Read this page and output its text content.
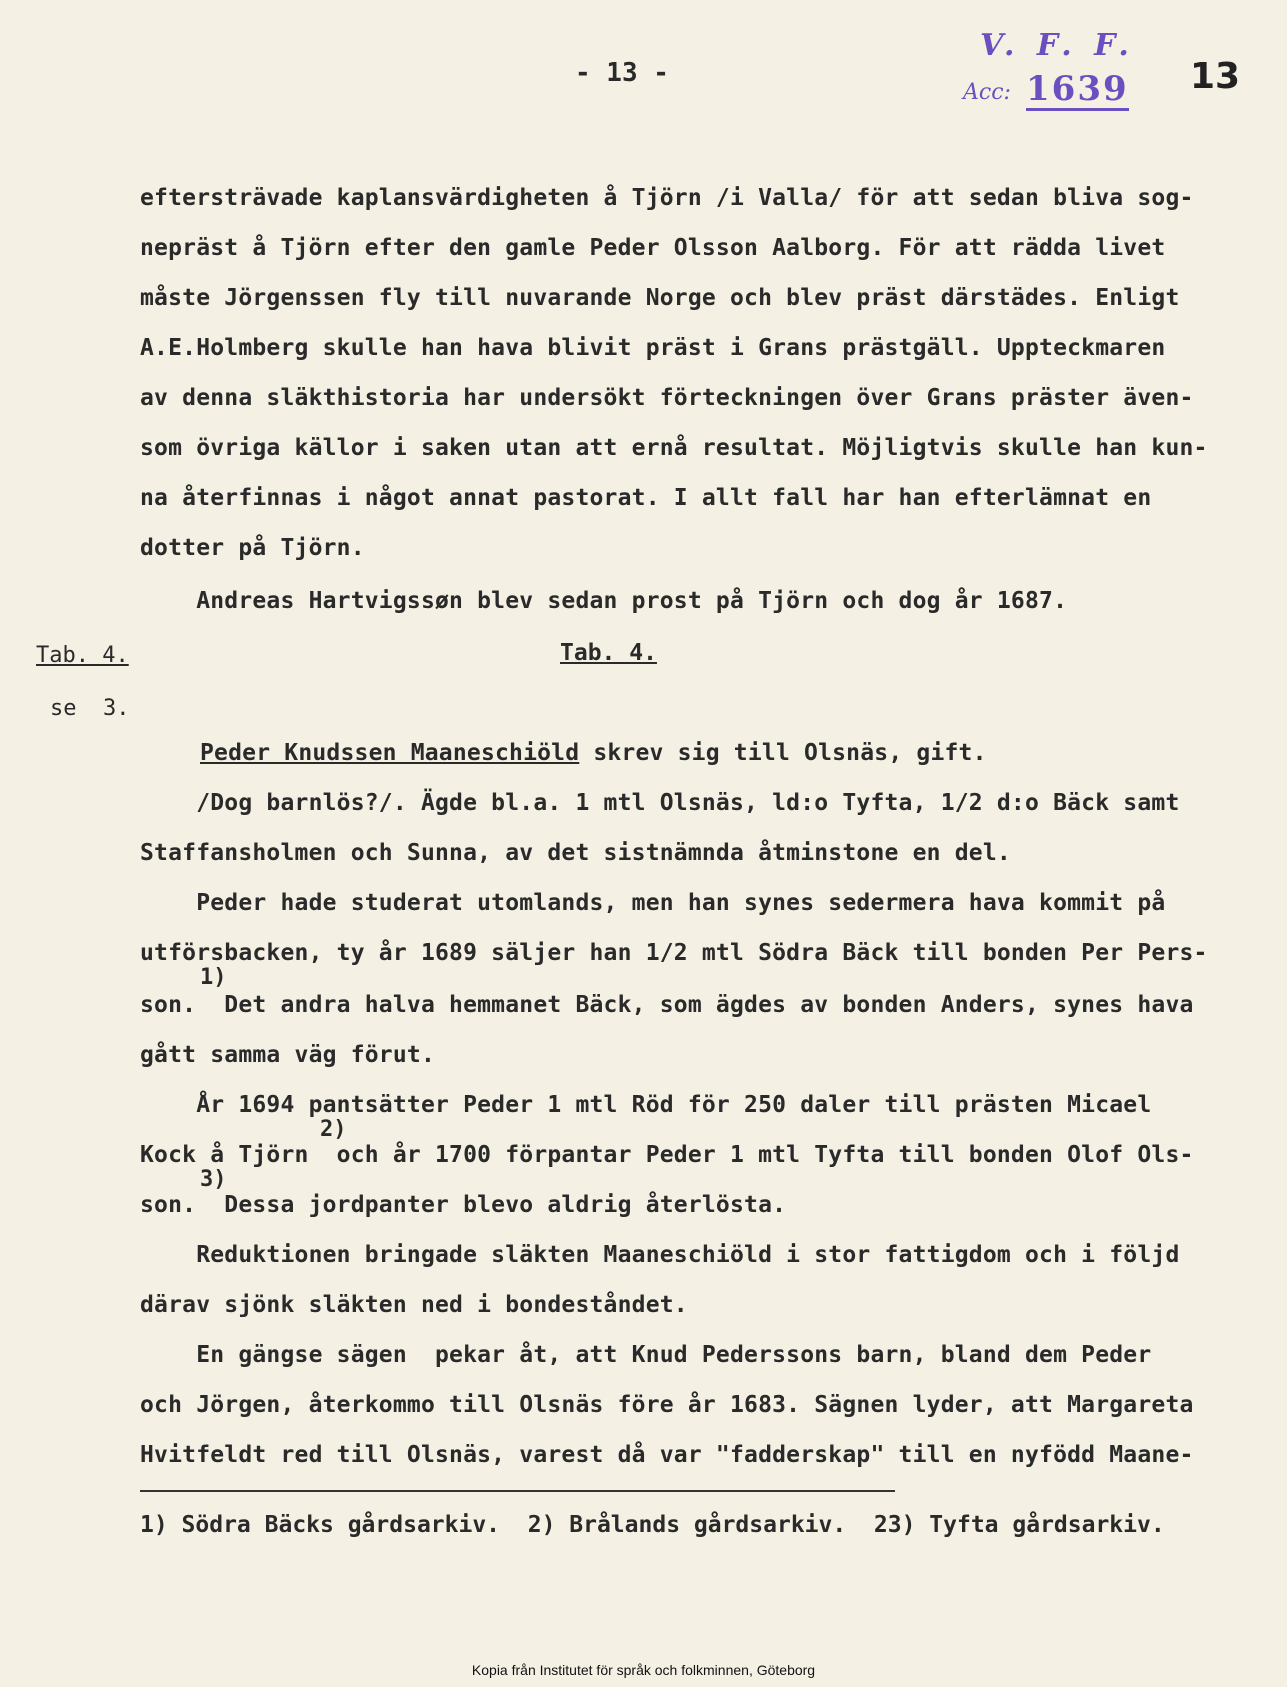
- 13 -
V. F. F.
Acc: 1639 13
eftersträvade kaplansvärdigheten å Tjörn /i Valla/ för att sedan bliva sog-
nepräst å Tjörn efter den gamle Peder Olsson Aalborg. För att rädda livet
måste Jörgenssen fly till nuvarande Norge och blev präst därstädes. Enligt
A.E.Holmberg skulle han hava blivit präst i Grans prästgäll. Uppteckmaren
av denna släkthistoria har undersökt förteckningen över Grans präster även-
som övriga källor i saken utan att ernå resultat. Möjligtvis skulle han kun-
na återfinnas i något annat pastorat. I allt fall har han efterlämnat en
dotter på Tjörn.
Andreas Hartvigssøn blev sedan prost på Tjörn och dog år 1687.
Tab. 4.
se  3.
Tab. 4.
Peder Knudssen Maaneschiöld skrev sig till Olsnäs, gift.
/Dog barnlös?/. Ägde bl.a. 1 mtl Olsnäs, ld:o Tyfta, 1/2 d:o Bäck samt
Staffansholmen och Sunna, av det sistnämnda åtminstone en del.
Peder hade studerat utomlands, men han synes sedermera hava kommit på
utförsbacken, ty år 1689 säljer han 1/2 mtl Södra Bäck till bonden Per Pers-
1)
son.  Det andra halva hemmanet Bäck, som ägdes av bonden Anders, synes hava
gått samma väg förut.
År 1694 pantsätter Peder 1 mtl Röd för 250 daler till prästen Micael
2)
Kock å Tjörn  och år 1700 förpantar Peder 1 mtl Tyfta till bonden Olof Ols-
3)
son.  Dessa jordpanter blevo aldrig återlösta.
Reduktionen bringade släkten Maaneschiöld i stor fattigdom och i följd
därav sjönk släkten ned i bondeståndet.
En gängse sägen  pekar åt, att Knud Pederssons barn, bland dem Peder
och Jörgen, återkommo till Olsnäs före år 1683. Sägnen lyder, att Margareta
Hvitfeldt red till Olsnäs, varest då var "fadderskap" till en nyfödd Maane-
1) Södra Bäcks gårdsarkiv.  2) Brålands gårdsarkiv.  23) Tyfta gårdsarkiv.
Kopia från Institutet för språk och folkminnen, Göteborg
